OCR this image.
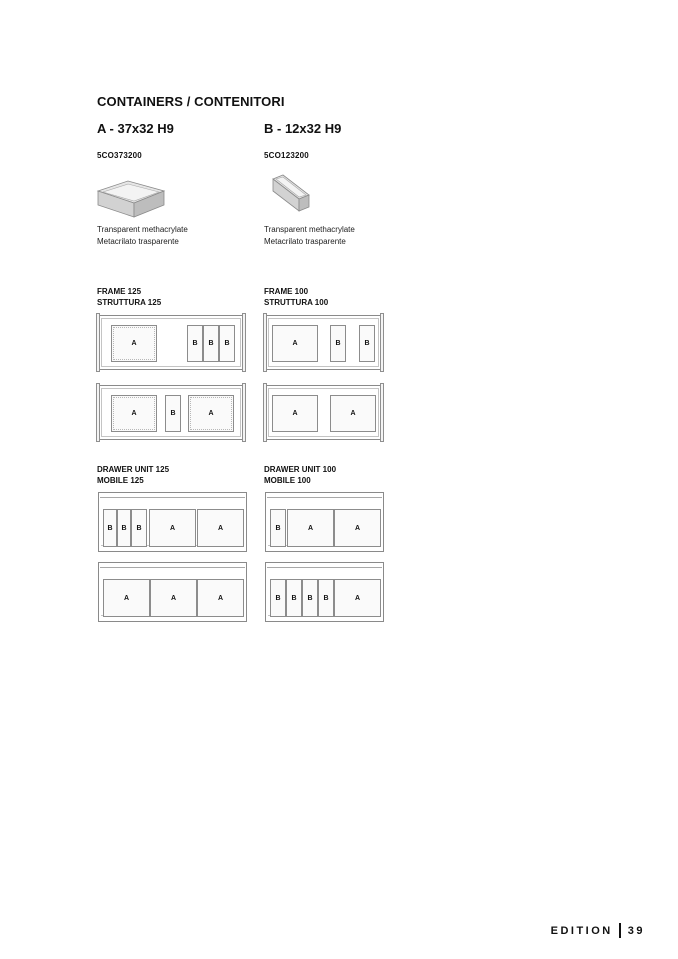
CONTAINERS / CONTENITORI
A - 37x32 H9
5CO373200
Transparent methacrylate
Metacrilato trasparente
B - 12x32 H9
5CO123200
Transparent methacrylate
Metacrilato trasparente
FRAME 125
STRUTTURA 125
FRAME 100
STRUTTURA 100
DRAWER UNIT 125
MOBILE 125
DRAWER UNIT 100
MOBILE 100
A	B B B
A	B	A
A	B	B
A	A
B B B	A	A
A	A	A
B	A	A
B B B B	A
EDITION 39
